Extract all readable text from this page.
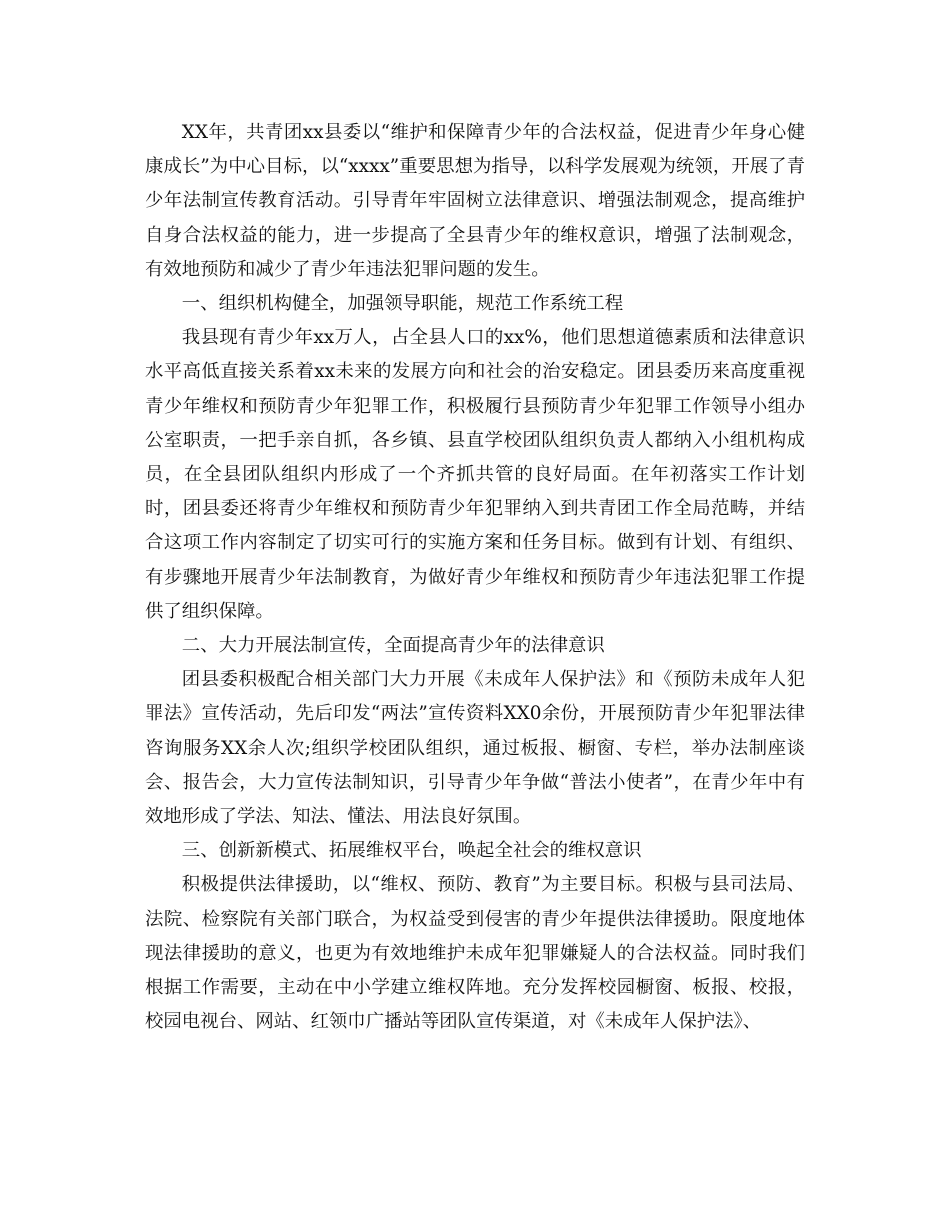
XX年，共青团xx县委以“维护和保障青少年的合法权益，促进青少年身心健康成长”为中心目标，以“xxxx”重要思想为指导，以科学发展观为统领，开展了青少年法制宣传教育活动。引导青年牢固树立法律意识、增强法制观念，提高维护自身合法权益的能力，进一步提高了全县青少年的维权意识，增强了法制观念，有效地预防和减少了青少年违法犯罪问题的发生。

一、组织机构健全，加强领导职能，规范工作系统工程

我县现有青少年xx万人，占全县人口的xx%，他们思想道德素质和法律意识水平高低直接关系着xx未来的发展方向和社会的治安稳定。团县委历来高度重视青少年维权和预防青少年犯罪工作，积极履行县预防青少年犯罪工作领导小组办公室职责，一把手亲自抓，各乡镇、县直学校团队组织负责人都纳入小组机构成员，在全县团队组织内形成了一个齐抓共管的良好局面。在年初落实工作计划时，团县委还将青少年维权和预防青少年犯罪纳入到共青团工作全局范畴，并结合这项工作内容制定了切实可行的实施方案和任务目标。做到有计划、有组织、有步骤地开展青少年法制教育，为做好青少年维权和预防青少年违法犯罪工作提供了组织保障。

二、大力开展法制宣传，全面提高青少年的法律意识

团县委积极配合相关部门大力开展《未成年人保护法》和《预防未成年人犯罪法》宣传活动，先后印发“两法”宣传资料XX0余份，开展预防青少年犯罪法律咨询服务XX余人次;组织学校团队组织，通过板报、橱窗、专栏，举办法制座谈会、报告会，大力宣传法制知识，引导青少年争做“普法小使者”，在青少年中有效地形成了学法、知法、懂法、用法良好氛围。

三、创新新模式、拓展维权平台，唤起全社会的维权意识

积极提供法律援助，以“维权、预防、教育”为主要目标。积极与县司法局、法院、检察院有关部门联合，为权益受到侵害的青少年提供法律援助。限度地体现法律援助的意义，也更为有效地维护未成年犯罪嫌疑人的合法权益。同时我们根据工作需要，主动在中小学建立维权阵地。充分发挥校园橱窗、板报、校报，校园电视台、网站、红领巾广播站等团队宣传渠道，对《未成年人保护法》、
